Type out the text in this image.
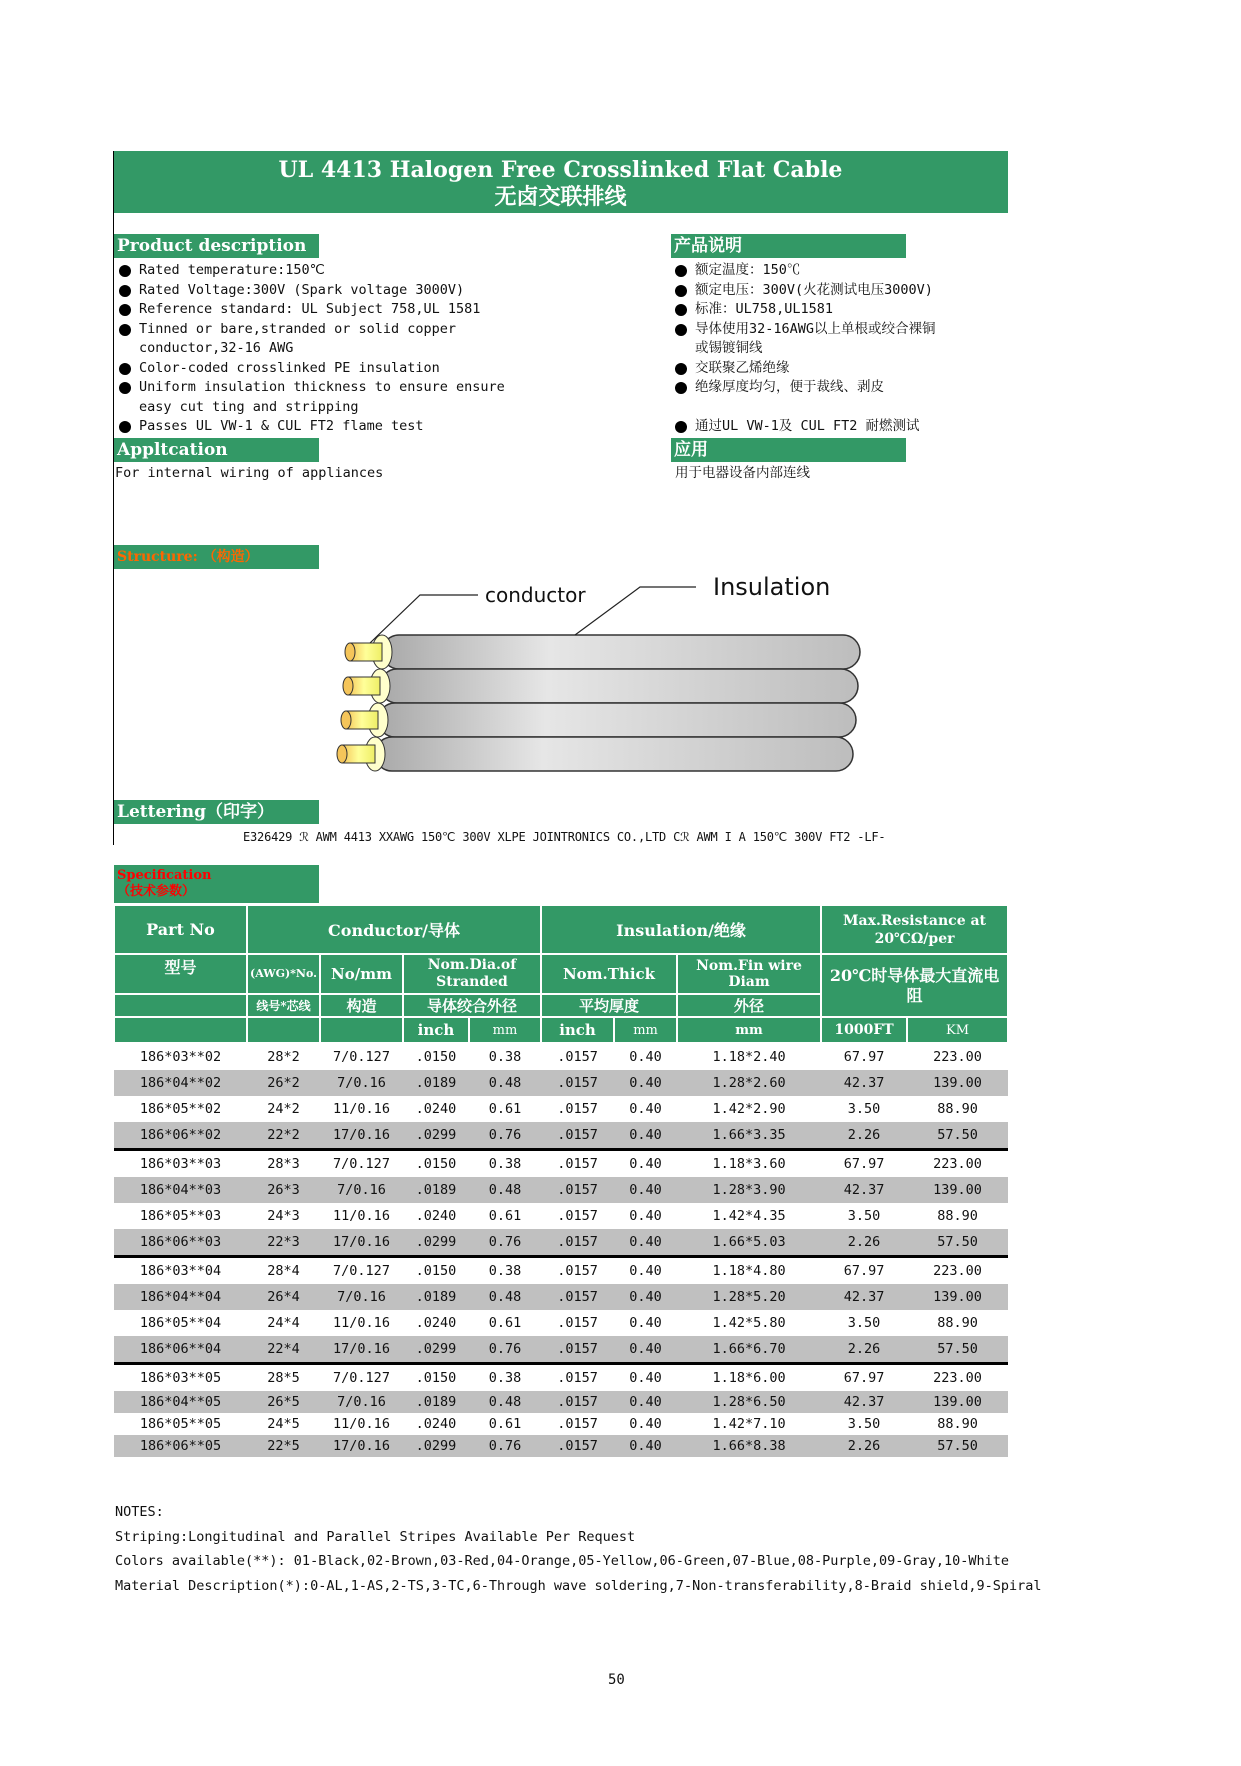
UL 4413 Halogen Free Crosslinked Flat Cable
无卤交联排线
Product description
Rated temperature:150℃
Rated Voltage:300V (Spark voltage 3000V)
Reference standard: UL Subject 758,UL 1581
Tinned or bare,stranded or solid copper
conductor,32-16 AWG
Color-coded crosslinked PE insulation
Uniform insulation thickness to ensure ensure
easy cut ting and stripping
Passes UL VW-1 & CUL FT2 flame test
产品说明
额定温度：150℃
额定电压：300V(火花测试电压3000V)
标准：UL758,UL1581
导体使用32-16AWG以上单根或绞合裸铜
或锡镀铜线
交联聚乙烯绝缘
绝缘厚度均匀，便于裁线、剥皮
通过UL VW-1及 CUL FT2 耐燃测试
Appltcation
For internal wiring of appliances
应用
用于电器设备内部连线
Structure: （构造）
conductor	Insulation
Lettering（印字）
E326429 ℛ AWM 4413 XXAWG 150℃ 300V XLPE JOINTRONICS CO.,LTD Cℛ AWM I A 150℃ 300V FT2 -LF-
Specification
（技术参数）
Part No	Conductor/导体				Insulation/绝缘			Max.Resistance at 20℃Ω/per	
型号	(AWG)*No.	No/mm	Nom.Dia.of Stranded		Nom.Thick		Nom.Fin wire Diam	20℃时导体最大直流电阻	
	线号*芯线	构造	导体绞合外径		平均厚度		外径		
			inch	mm	inch	mm	mm	1000FT	KM
186*03**02	28*2	7/0.127	.0150	0.38	.0157	0.40	1.18*2.40	67.97	223.00
186*04**02	26*2	7/0.16	.0189	0.48	.0157	0.40	1.28*2.60	42.37	139.00
186*05**02	24*2	11/0.16	.0240	0.61	.0157	0.40	1.42*2.90	3.50	88.90
186*06**02	22*2	17/0.16	.0299	0.76	.0157	0.40	1.66*3.35	2.26	57.50
186*03**03	28*3	7/0.127	.0150	0.38	.0157	0.40	1.18*3.60	67.97	223.00
186*04**03	26*3	7/0.16	.0189	0.48	.0157	0.40	1.28*3.90	42.37	139.00
186*05**03	24*3	11/0.16	.0240	0.61	.0157	0.40	1.42*4.35	3.50	88.90
186*06**03	22*3	17/0.16	.0299	0.76	.0157	0.40	1.66*5.03	2.26	57.50
186*03**04	28*4	7/0.127	.0150	0.38	.0157	0.40	1.18*4.80	67.97	223.00
186*04**04	26*4	7/0.16	.0189	0.48	.0157	0.40	1.28*5.20	42.37	139.00
186*05**04	24*4	11/0.16	.0240	0.61	.0157	0.40	1.42*5.80	3.50	88.90
186*06**04	22*4	17/0.16	.0299	0.76	.0157	0.40	1.66*6.70	2.26	57.50
186*03**05	28*5	7/0.127	.0150	0.38	.0157	0.40	1.18*6.00	67.97	223.00
186*04**05	26*5	7/0.16	.0189	0.48	.0157	0.40	1.28*6.50	42.37	139.00
186*05**05	24*5	11/0.16	.0240	0.61	.0157	0.40	1.42*7.10	3.50	88.90
186*06**05	22*5	17/0.16	.0299	0.76	.0157	0.40	1.66*8.38	2.26	57.50
NOTES:
Striping:Longitudinal and Parallel Stripes Available Per Request
Colors available(**): 01-Black,02-Brown,03-Red,04-Orange,05-Yellow,06-Green,07-Blue,08-Purple,09-Gray,10-White
Material Description(*):0-AL,1-AS,2-TS,3-TC,6-Through wave soldering,7-Non-transferability,8-Braid shield,9-Spiral
50
